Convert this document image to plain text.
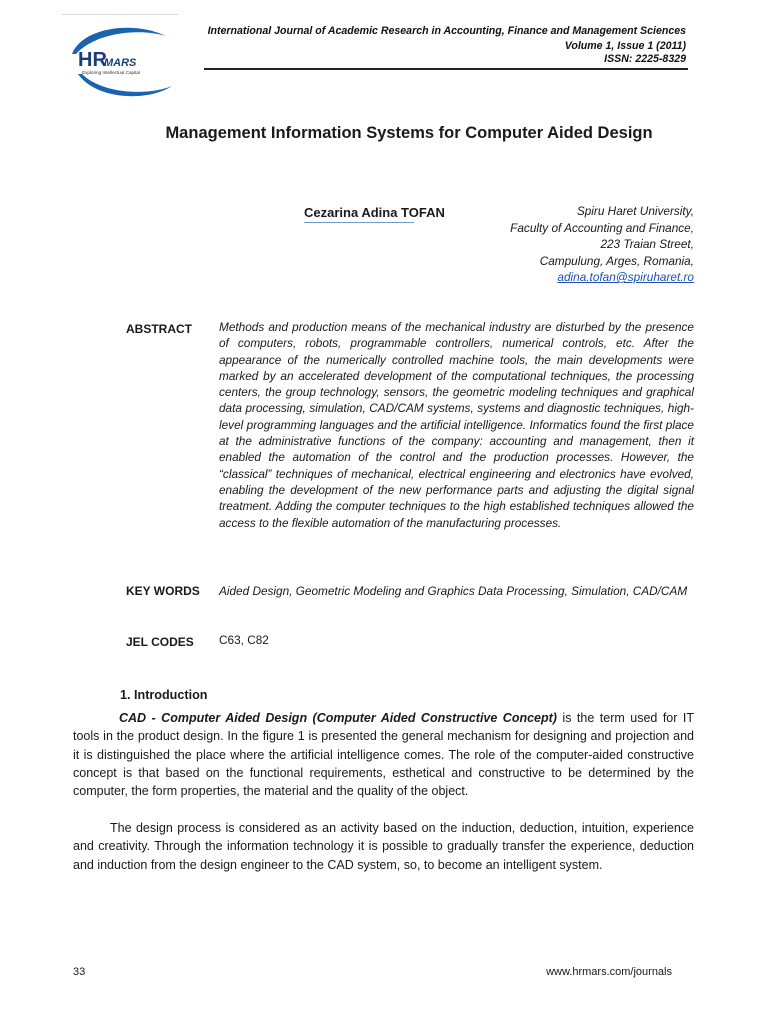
HR
MARS
Exploring Intellectual Capital
International Journal of Academic Research in Accounting, Finance and Management Sciences
Volume 1, Issue 1 (2011)
ISSN: 2225-8329
Management Information Systems for Computer Aided Design
Cezarina Adina TOFAN	Spiru Haret University,
Faculty of Accounting and Finance,
223 Traian Street,
Campulung, Arges, Romania,
adina.tofan@spiruharet.ro
ABSTRACT Methods and production means of the mechanical industry are disturbed by the presence of computers, robots, programmable controllers, numerical controls, etc. After the appearance of the numerically controlled machine tools, the main developments were marked by an accelerated development of the computational techniques, the processing centers, the group technology, sensors, the geometric modeling techniques and graphical data processing, simulation, CAD/CAM systems, systems and diagnostic techniques, high-level programming languages and the artificial intelligence. Informatics found the first place at the administrative functions of the company: accounting and management, then it enabled the automation of the control and the production processes. However, the “classical” techniques of mechanical, electrical engineering and electronics have evolved, enabling the development of the new performance parts and adjusting the digital signal treatment. Adding the computer techniques to the high established techniques allowed the access to the flexible automation of the manufacturing processes.
KEY WORDS Aided Design, Geometric Modeling and Graphics Data Processing, Simulation, CAD/CAM
JEL CODES C63, C82
1. Introduction
CAD - Computer Aided Design (Computer Aided Constructive Concept) is the term used for IT tools in the product design. In the figure 1 is presented the general mechanism for designing and projection and it is distinguished the place where the artificial intelligence comes. The role of the computer-aided constructive concept is that based on the functional requirements, esthetical and constructive to be determined by the computer, the form properties, the material and the quality of the object.
The design process is considered as an activity based on the induction, deduction, intuition, experience and creativity. Through the information technology it is possible to gradually transfer the experience, deduction and induction from the design engineer to the CAD system, so, to become an intelligent system.
33	www.hrmars.com/journals
